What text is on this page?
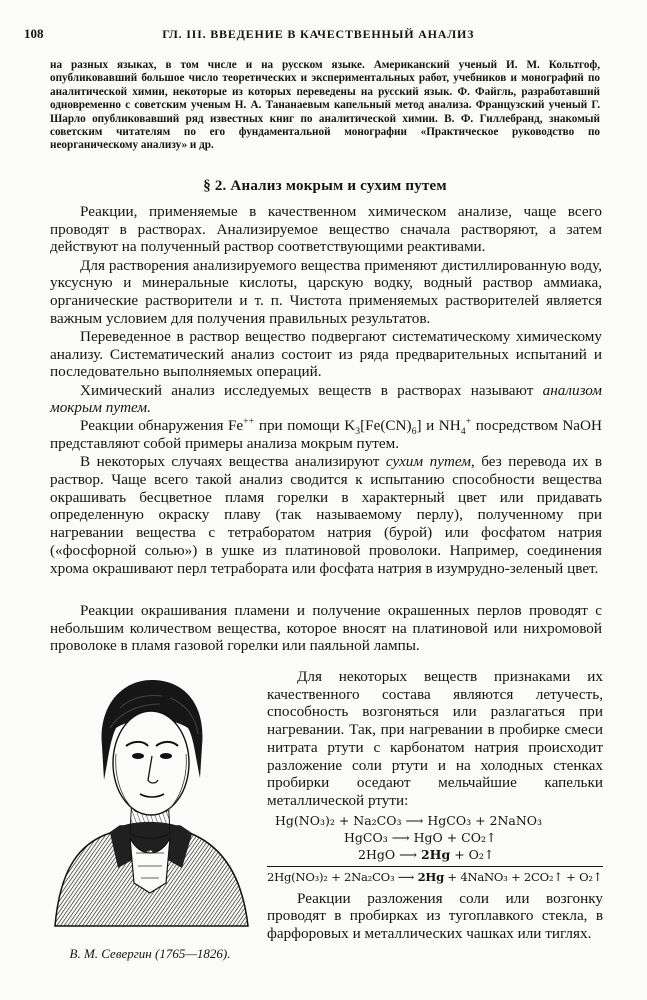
108	ГЛ. III. ВВЕДЕНИЕ В КАЧЕСТВЕННЫЙ АНАЛИЗ
на разных языках, в том числе и на русском языке. Американский ученый И. М. Кольтгоф, опубликовавший большое число теоретических и экспериментальных работ, учебников и монографий по аналитической химии, некоторые из которых переведены на русский язык. Ф. Файгль, разработавший одновременно с советским ученым Н. А. Тананаевым капельный метод анализа. Французский ученый Г. Шарло опубликовавший ряд известных книг по аналитической химии. В. Ф. Гиллебранд, знакомый советским читателям по его фундаментальной монографии «Практическое руководство по неорганическому анализу» и др.
§ 2. Анализ мокрым и сухим путем

Реакции, применяемые в качественном химическом анализе, чаще всего проводят в растворах. Анализируемое вещество сначала растворяют, а затем действуют на полученный раствор соответствующими реактивами.

Для растворения анализируемого вещества применяют дистиллированную воду, уксусную и минеральные кислоты, царскую водку, водный раствор аммиака, органические растворители и т. п. Чистота применяемых растворителей является важным условием для получения правильных результатов.

Переведенное в раствор вещество подвергают систематическому химическому анализу. Систематический анализ состоит из ряда предварительных испытаний и последовательно выполняемых операций.

Химический анализ исследуемых веществ в растворах называют анализом мокрым путем.

Реакции обнаружения Fe++ при помощи $K_3[Fe(CN)_6]$ и $NH_4^+$ посредством NaOH представляют собой примеры анализа мокрым путем.

В некоторых случаях вещества анализируют сухим путем, без перевода их в раствор. Чаще всего такой анализ сводится к испытанию способности вещества окрашивать бесцветное пламя горелки в характерный цвет или придавать определенную окраску плаву (так называемому перлу), полученному при нагревании вещества с тетраборатом натрия (бурой) или фосфатом натрия («фосфорной солью») в ушке из платиновой проволоки. Например, соединения хрома окрашивают перл тетрабората или фосфата натрия в изумрудно-зеленый цвет.

Реакции окрашивания пламени и получение окрашенных перлов проводят с небольшим количеством вещества, которое вносят на платиновой или нихромовой проволоке в пламя газовой горелки или паяльной лампы.

В. М. Севергин (1765—1826).

Для некоторых веществ признаками их качественного состава являются летучесть, способность возгоняться или разлагаться при нагревании. Так, при нагревании в пробирке смеси нитрата ртути с карбонатом натрия происходит разложение соли ртути и на холодных стенках пробирки оседают мельчайшие капельки металлической ртути:

Hg(NO₃)₂ + Na₂CO₃ ⟶ HgCO₃ + 2NaNO₃
HgCO₃ ⟶ HgO + CO₂↑
2HgO ⟶ 2Hg + O₂↑
2Hg(NO₃)₂ + 2Na₂CO₃ ⟶ 2Hg + 4NaNO₃ + 2CO₂↑ + O₂↑

Реакции разложения соли или возгонку проводят в пробирках из тугоплавкого стекла, в фарфоровых и металлических чашках или тиглях.
